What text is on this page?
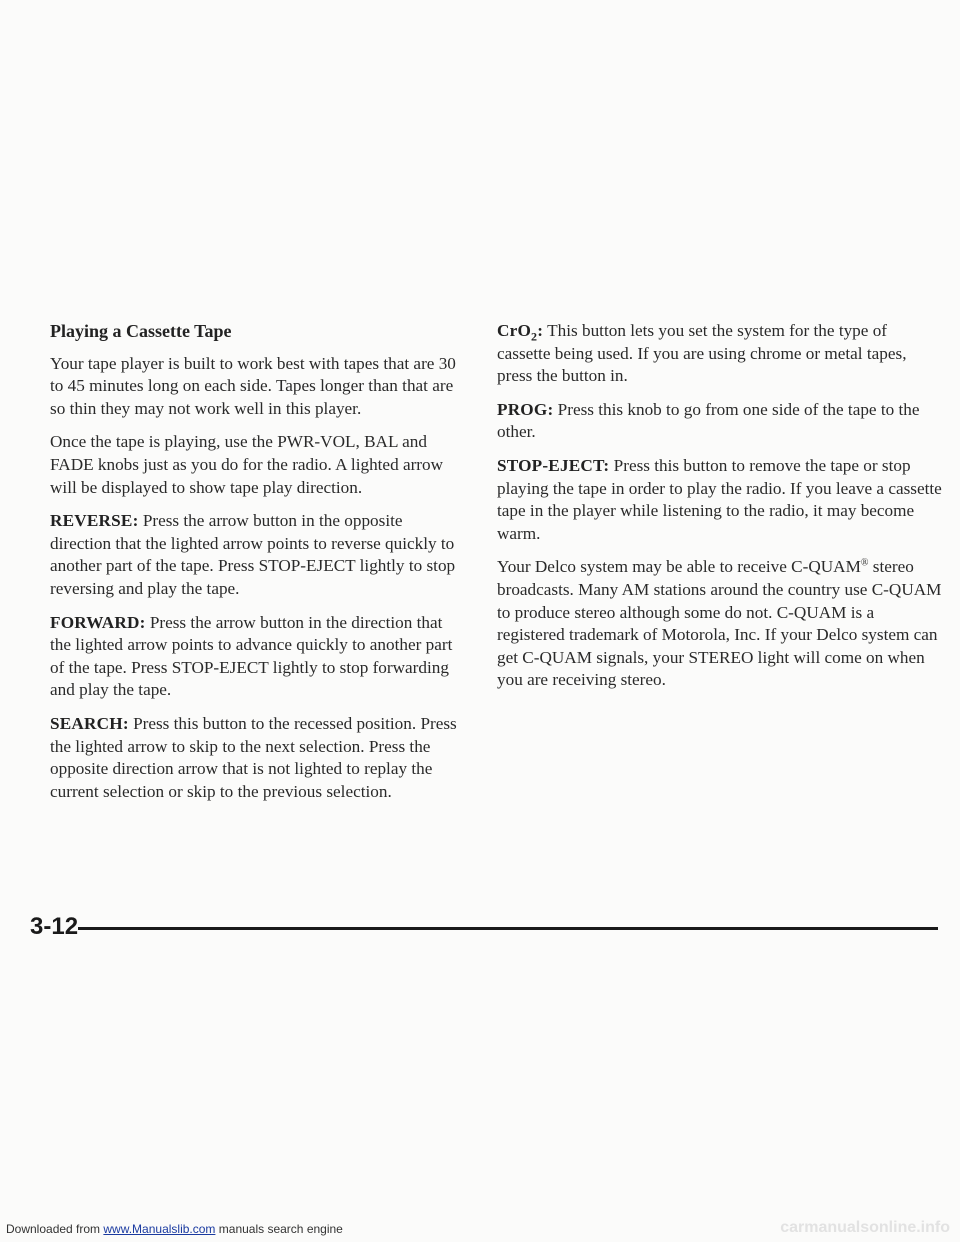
Playing a Cassette Tape

Your tape player is built to work best with tapes that are 30 to 45 minutes long on each side. Tapes longer than that are so thin they may not work well in this player.

Once the tape is playing, use the PWR-VOL, BAL and FADE knobs just as you do for the radio. A lighted arrow will be displayed to show tape play direction.

REVERSE: Press the arrow button in the opposite direction that the lighted arrow points to reverse quickly to another part of the tape. Press STOP-EJECT lightly to stop reversing and play the tape.

FORWARD: Press the arrow button in the direction that the lighted arrow points to advance quickly to another part of the tape. Press STOP-EJECT lightly to stop forwarding and play the tape.

SEARCH: Press this button to the recessed position. Press the lighted arrow to skip to the next selection. Press the opposite direction arrow that is not lighted to replay the current selection or skip to the previous selection.

CrO$_2$: This button lets you set the system for the type of cassette being used. If you are using chrome or metal tapes, press the button in.

PROG: Press this knob to go from one side of the tape to the other.

STOP-EJECT: Press this button to remove the tape or stop playing the tape in order to play the radio. If you leave a cassette tape in the player while listening to the radio, it may become warm.

Your Delco system may be able to receive C-QUAM® stereo broadcasts. Many AM stations around the country use C-QUAM to produce stereo although some do not. C-QUAM is a registered trademark of Motorola, Inc. If your Delco system can get C-QUAM signals, your STEREO light will come on when you are receiving stereo.

3-12
Downloaded from www.Manualslib.com manuals search engine	carmanualsonline.info
